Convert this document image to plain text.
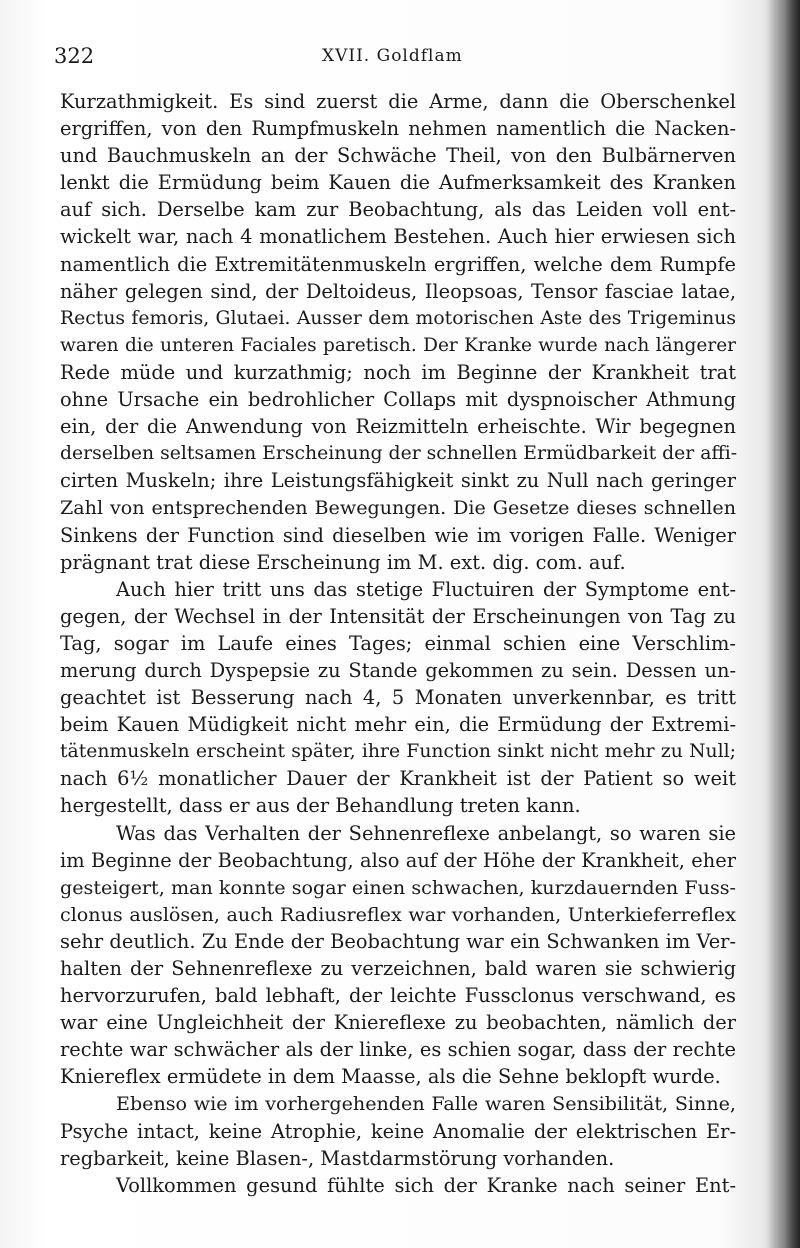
322	XVII. Goldflam
Kurzathmigkeit. Es sind zuerst die Arme, dann die Oberschenkel
ergriffen, von den Rumpfmuskeln nehmen namentlich die Nacken-
und Bauchmuskeln an der Schwäche Theil, von den Bulbärnerven
lenkt die Ermüdung beim Kauen die Aufmerksamkeit des Kranken
auf sich. Derselbe kam zur Beobachtung, als das Leiden voll ent-
wickelt war, nach 4 monatlichem Bestehen. Auch hier erwiesen sich
namentlich die Extremitätenmuskeln ergriffen, welche dem Rumpfe
näher gelegen sind, der Deltoideus, Ileopsoas, Tensor fasciae latae,
Rectus femoris, Glutaei. Ausser dem motorischen Aste des Trigeminus
waren die unteren Faciales paretisch. Der Kranke wurde nach längerer
Rede müde und kurzathmig; noch im Beginne der Krankheit trat
ohne Ursache ein bedrohlicher Collaps mit dyspnoischer Athmung
ein, der die Anwendung von Reizmitteln erheischte. Wir begegnen
derselben seltsamen Erscheinung der schnellen Ermüdbarkeit der affi-
cirten Muskeln; ihre Leistungsfähigkeit sinkt zu Null nach geringer
Zahl von entsprechenden Bewegungen. Die Gesetze dieses schnellen
Sinkens der Function sind dieselben wie im vorigen Falle. Weniger
prägnant trat diese Erscheinung im M. ext. dig. com. auf.
Auch hier tritt uns das stetige Fluctuiren der Symptome ent-
gegen, der Wechsel in der Intensität der Erscheinungen von Tag zu
Tag, sogar im Laufe eines Tages; einmal schien eine Verschlim-
merung durch Dyspepsie zu Stande gekommen zu sein. Dessen un-
geachtet ist Besserung nach 4, 5 Monaten unverkennbar, es tritt
beim Kauen Müdigkeit nicht mehr ein, die Ermüdung der Extremi-
tätenmuskeln erscheint später, ihre Function sinkt nicht mehr zu Null;
nach 6½ monatlicher Dauer der Krankheit ist der Patient so weit
hergestellt, dass er aus der Behandlung treten kann.
Was das Verhalten der Sehnenreflexe anbelangt, so waren sie
im Beginne der Beobachtung, also auf der Höhe der Krankheit, eher
gesteigert, man konnte sogar einen schwachen, kurzdauernden Fuss-
clonus auslösen, auch Radiusreflex war vorhanden, Unterkieferreflex
sehr deutlich. Zu Ende der Beobachtung war ein Schwanken im Ver-
halten der Sehnenreflexe zu verzeichnen, bald waren sie schwierig
hervorzurufen, bald lebhaft, der leichte Fussclonus verschwand, es
war eine Ungleichheit der Kniereflexe zu beobachten, nämlich der
rechte war schwächer als der linke, es schien sogar, dass der rechte
Kniereflex ermüdete in dem Maasse, als die Sehne beklopft wurde.
Ebenso wie im vorhergehenden Falle waren Sensibilität, Sinne,
Psyche intact, keine Atrophie, keine Anomalie der elektrischen Er-
regbarkeit, keine Blasen-, Mastdarmstörung vorhanden.
Vollkommen gesund fühlte sich der Kranke nach seiner Ent-
